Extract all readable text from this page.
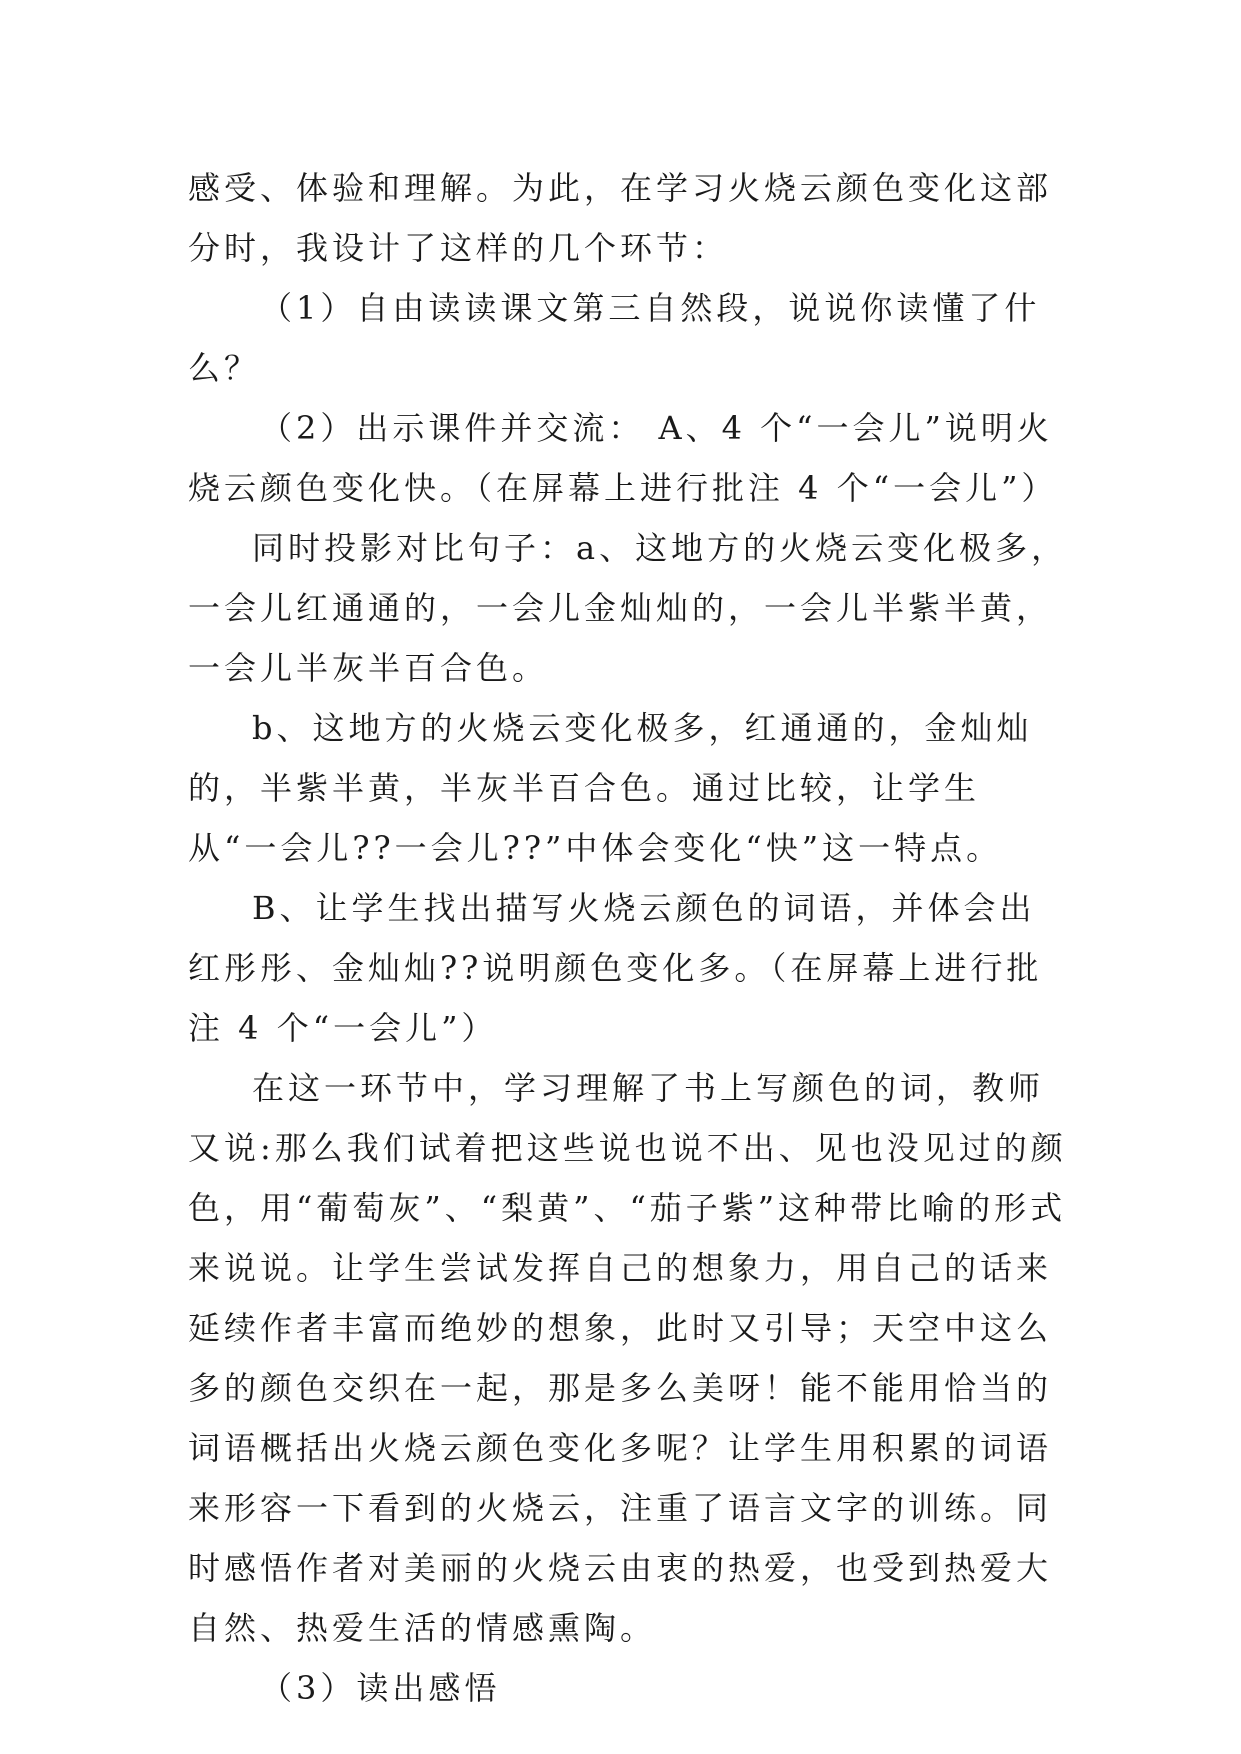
感受、体验和理解。为此，在学习火烧云颜色变化这部分时，我设计了这样的几个环节：

（1）自由读读课文第三自然段，说说你读懂了什么？

（2）出示课件并交流： A、4 个“一会儿”说明火烧云颜色变化快。（在屏幕上进行批注 4 个“一会儿”）

同时投影对比句子：a、这地方的火烧云变化极多，一会儿红通通的，一会儿金灿灿的，一会儿半紫半黄，一会儿半灰半百合色。

b、这地方的火烧云变化极多，红通通的，金灿灿的，半紫半黄，半灰半百合色。通过比较，让学生从“一会儿??一会儿??”中体会变化“快”这一特点。

B、让学生找出描写火烧云颜色的词语，并体会出红彤彤、金灿灿??说明颜色变化多。（在屏幕上进行批注 4 个“一会儿”）

在这一环节中，学习理解了书上写颜色的词，教师又说:那么我们试着把这些说也说不出、见也没见过的颜色，用“葡萄灰”、“梨黄”、“茄子紫”这种带比喻的形式来说说。让学生尝试发挥自己的想象力，用自己的话来延续作者丰富而绝妙的想象，此时又引导；天空中这么多的颜色交织在一起，那是多么美呀！能不能用恰当的词语概括出火烧云颜色变化多呢？让学生用积累的词语来形容一下看到的火烧云，注重了语言文字的训练。同时感悟作者对美丽的火烧云由衷的热爱，也受到热爱大自然、热爱生活的情感熏陶。

（3）读出感悟
